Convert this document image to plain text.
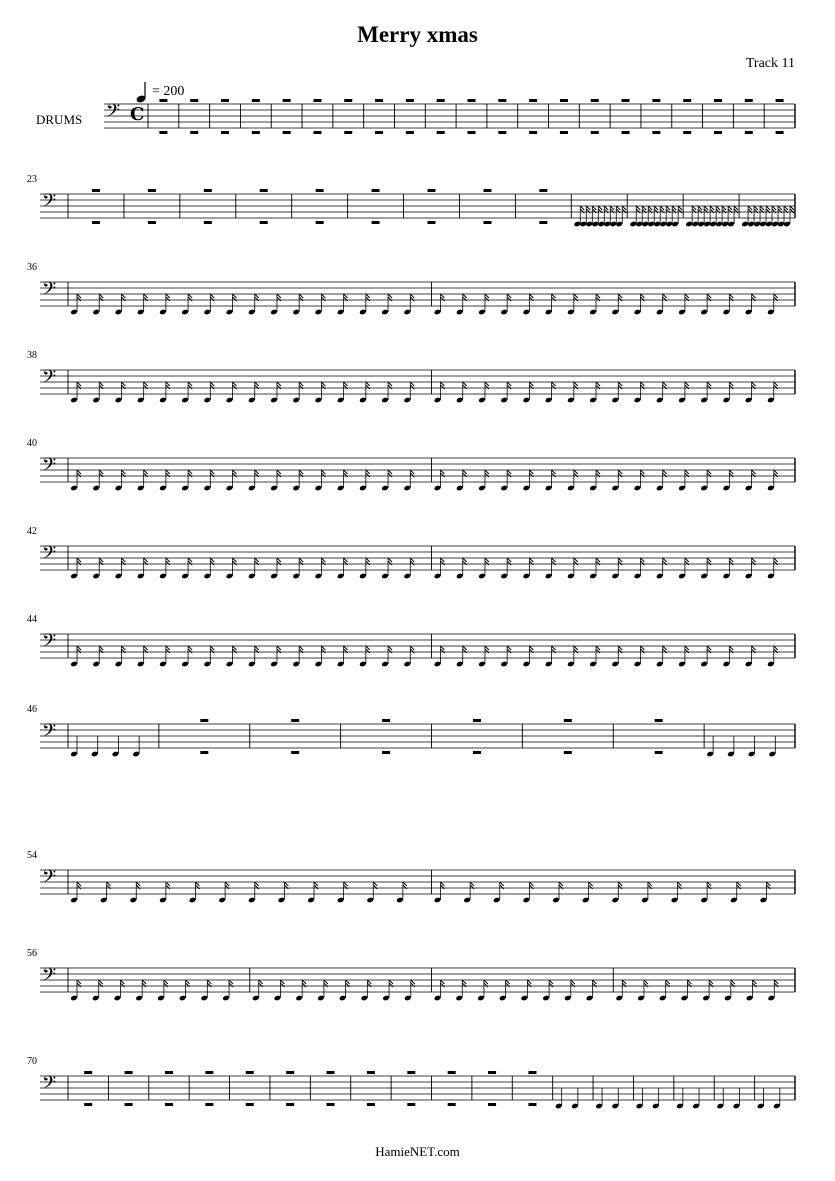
Merry xmas
Track 11
= 200
DRUMS 𝄢 C
𝄢
23
𝄢
36
𝄢
38
𝄢
40
𝄢
42
𝄢
44
𝄢
46
𝄢
54
𝄢
56
𝄢
70
HamieNET.com
